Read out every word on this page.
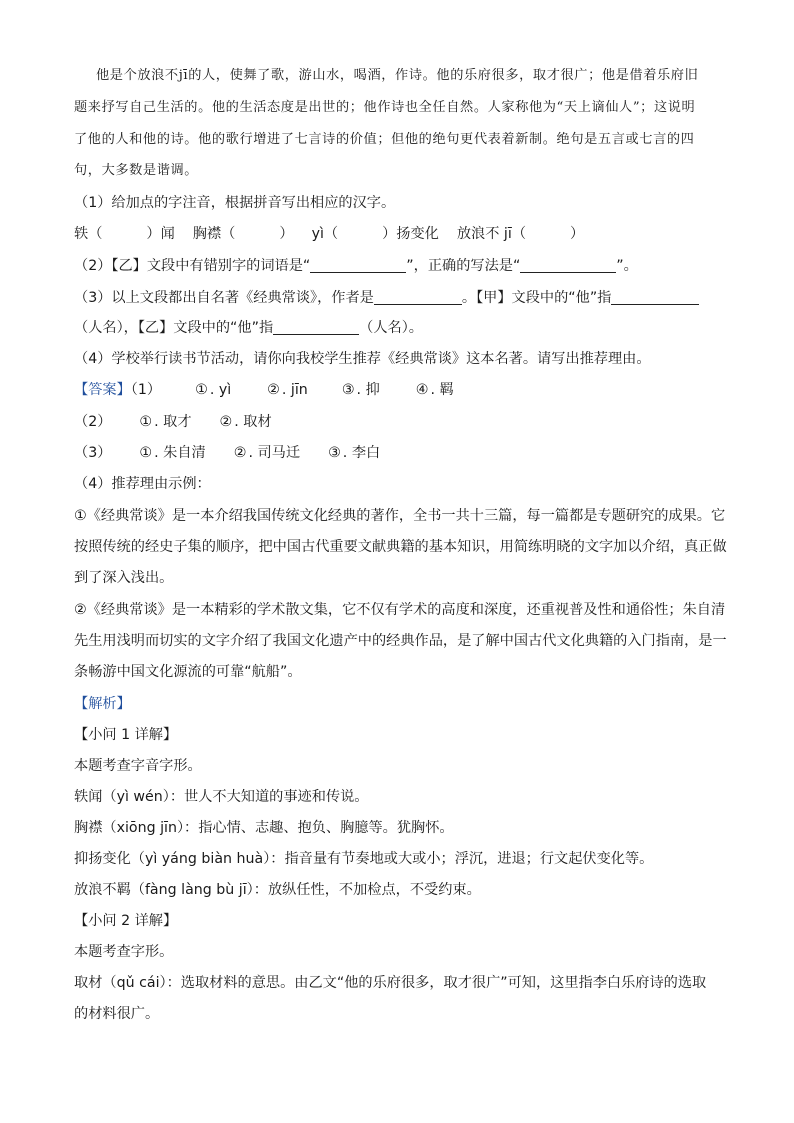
他是个放浪不jī的人，使舞了歌，游山水，喝酒，作诗。他的乐府很多，取才很广；他是借着乐府旧
题来抒写自己生活的。他的生活态度是出世的；他作诗也全任自然。人家称他为“天上谪仙人”；这说明
了他的人和他的诗。他的歌行增进了七言诗的价值；但他的绝句更代表着新制。绝句是五言或七言的四
句，大多数是谐调。
（1）给加点的字注音，根据拼音写出相应的汉字。
轶（	）闻 胸襟（	） yì（	）扬变化 放浪不 jī（	）
（2）【乙】文段中有错别字的词语是“	”，正确的写法是“	”。
（3）以上文段都出自名著《经典常谈》，作者是	。【甲】文段中的“他”指
（人名），【乙】文段中的“他”指	（人名）。
（4）学校举行读书节活动，请你向我校学生推荐《经典常谈》这本名著。请写出推荐理由。
【答案】（1） ① . yì	② . jīn ③ . 抑	④ . 羁
（2） ① . 取才 ② . 取材
（3） ① . 朱自清 ② . 司马迁 ③ . 李白
（4）推荐理由示例：
①《经典常谈》是一本介绍我国传统文化经典的著作，全书一共十三篇，每一篇都是专题研究的成果。它
按照传统的经史子集的顺序，把中国古代重要文献典籍的基本知识，用简练明晓的文字加以介绍，真正做
到了深入浅出。
②《经典常谈》是一本精彩的学术散文集，它不仅有学术的高度和深度，还重视普及性和通俗性；朱自清
先生用浅明而切实的文字介绍了我国文化遗产中的经典作品，是了解中国古代文化典籍的入门指南，是一
条畅游中国文化源流的可靠“航船”。
【解析】
【小问 1 详解】
本题考查字音字形。
轶闻（yì wén）：世人不大知道的事迹和传说。
胸襟（xiōng jīn）：指心情、志趣、抱负、胸臆等。犹胸怀。
抑扬变化（yì yáng biàn huà）：指音量有节奏地或大或小；浮沉，进退；行文起伏变化等。
放浪不羁（fàng làng bù jī）：放纵任性，不加检点，不受约束。
【小问 2 详解】
本题考查字形。
取材（qǔ cái）：选取材料的意思。由乙文“他的乐府很多，取才很广”可知，这里指李白乐府诗的选取
的材料很广。
